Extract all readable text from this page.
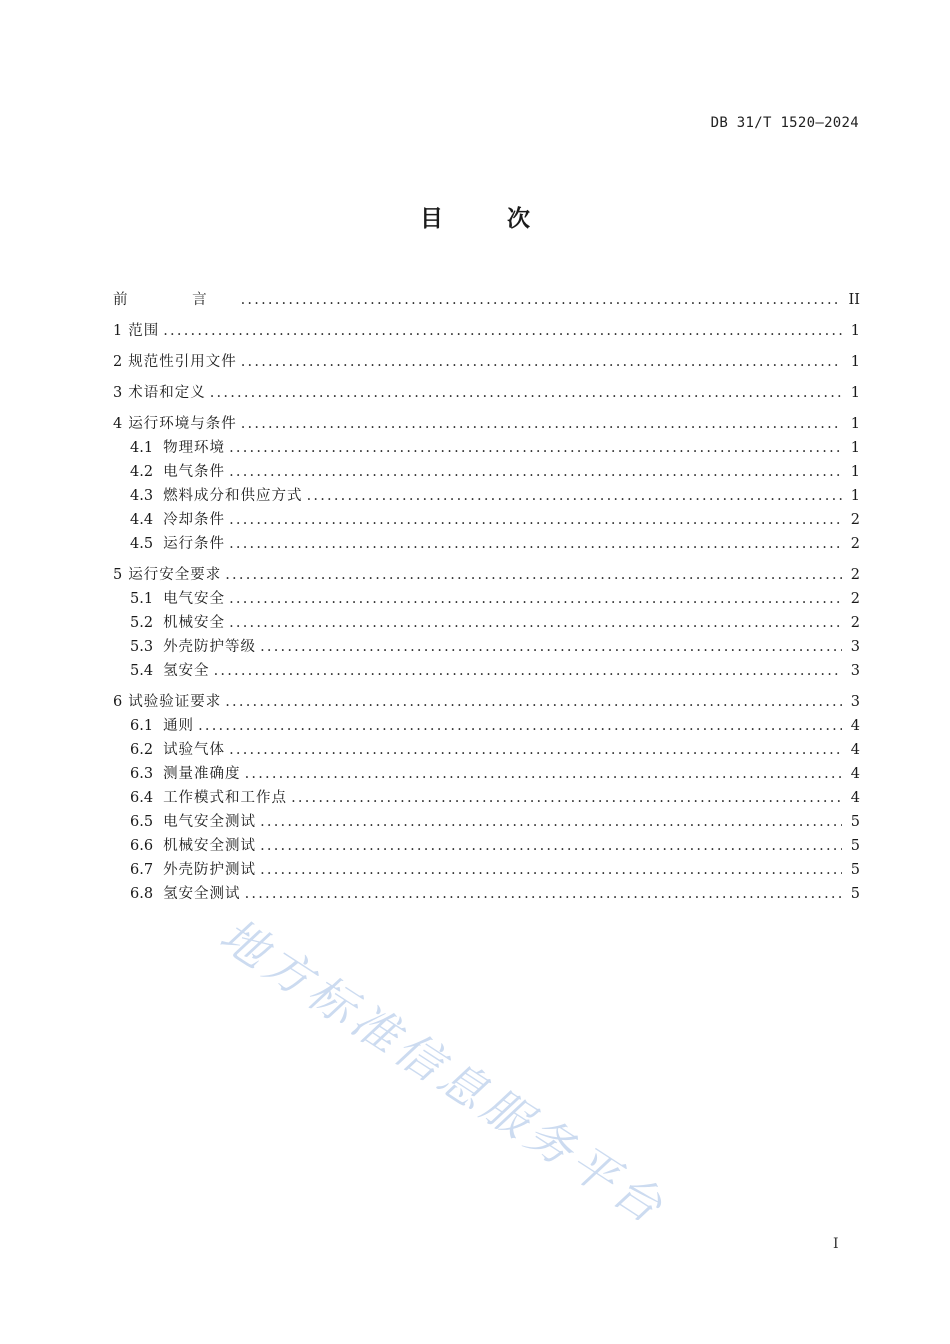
DB 31/T 1520—2024
目 次
前 言 . . .	II
1 范围 . . .	1
2 规范性引用文件 . . .	1
3 术语和定义 . . .	1
4 运行环境与条件 . . .	1
4.1 物理环境 . . .	1
4.2 电气条件 . . .	1
4.3 燃料成分和供应方式 . . .	1
4.4 冷却条件 . . .	2
4.5 运行条件 . . .	2
5 运行安全要求 . . .	2
5.1 电气安全 . . .	2
5.2 机械安全 . . .	2
5.3 外壳防护等级 . . .	3
5.4 氢安全 . . .	3
6 试验验证要求 . . .	3
6.1 通则 . . .	4
6.2 试验气体 . . .	4
6.3 测量准确度 . . .	4
6.4 工作模式和工作点 . . .	4
6.5 电气安全测试 . . .	5
6.6 机械安全测试 . . .	5
6.7 外壳防护测试 . . .	5
6.8 氢安全测试 . . .	5
地方标准信息服务平台
I
